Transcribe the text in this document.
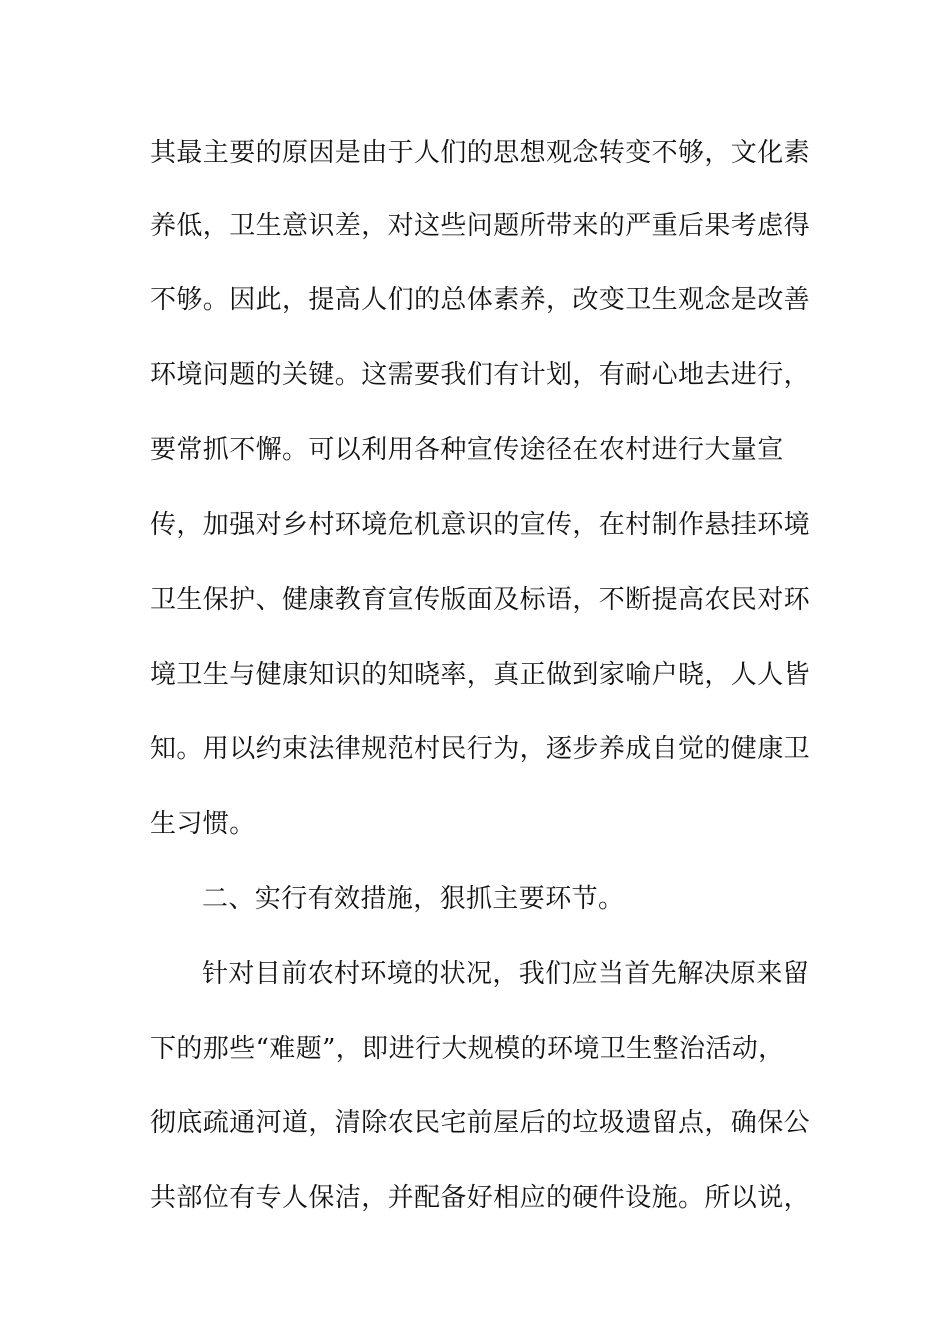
其最主要的原因是由于人们的思想观念转变不够，文化素
养低，卫生意识差，对这些问题所带来的严重后果考虑得
不够。因此，提高人们的总体素养，改变卫生观念是改善
环境问题的关键。这需要我们有计划，有耐心地去进行，
要常抓不懈。可以利用各种宣传途径在农村进行大量宣
传，加强对乡村环境危机意识的宣传，在村制作悬挂环境
卫生保护、健康教育宣传版面及标语，不断提高农民对环
境卫生与健康知识的知晓率，真正做到家喻户晓，人人皆
知。用以约束法律规范村民行为，逐步养成自觉的健康卫
生习惯。
二、实行有效措施，狠抓主要环节。
针对目前农村环境的状况，我们应当首先解决原来留
下的那些“难题”，即进行大规模的环境卫生整治活动，
彻底疏通河道，清除农民宅前屋后的垃圾遗留点，确保公
共部位有专人保洁，并配备好相应的硬件设施。所以说，
